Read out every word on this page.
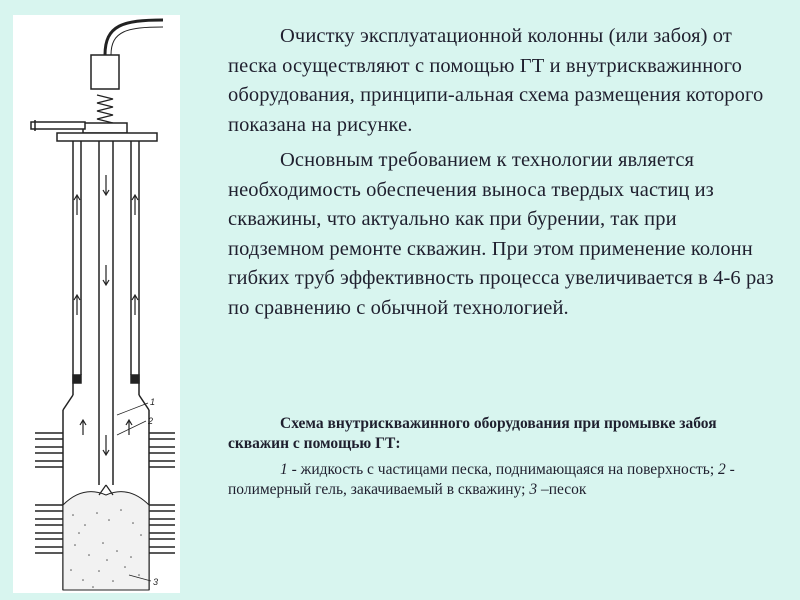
1
2
3

Очистку эксплуатационной колонны (или забоя) от песка осуществляют с помощью ГТ и внутрискважинного оборудования, принципи-альная схема размещения которого показана на рисунке.

Основным требованием к технологии является необходимость обеспечения выноса твердых частиц из скважины, что актуально как при бурении, так при подземном ремонте скважин. При этом применение колонн гибких труб эффективность процесса увеличивается в 4-6 раз по сравнению с обычной технологией.

Схема внутрискважинного оборудования при промывке забоя скважин с помощью ГТ:

1 - жидкость с частицами песка, поднимающаяся на поверхность; 2 - полимерный гель, закачиваемый в скважину; 3 –песок
